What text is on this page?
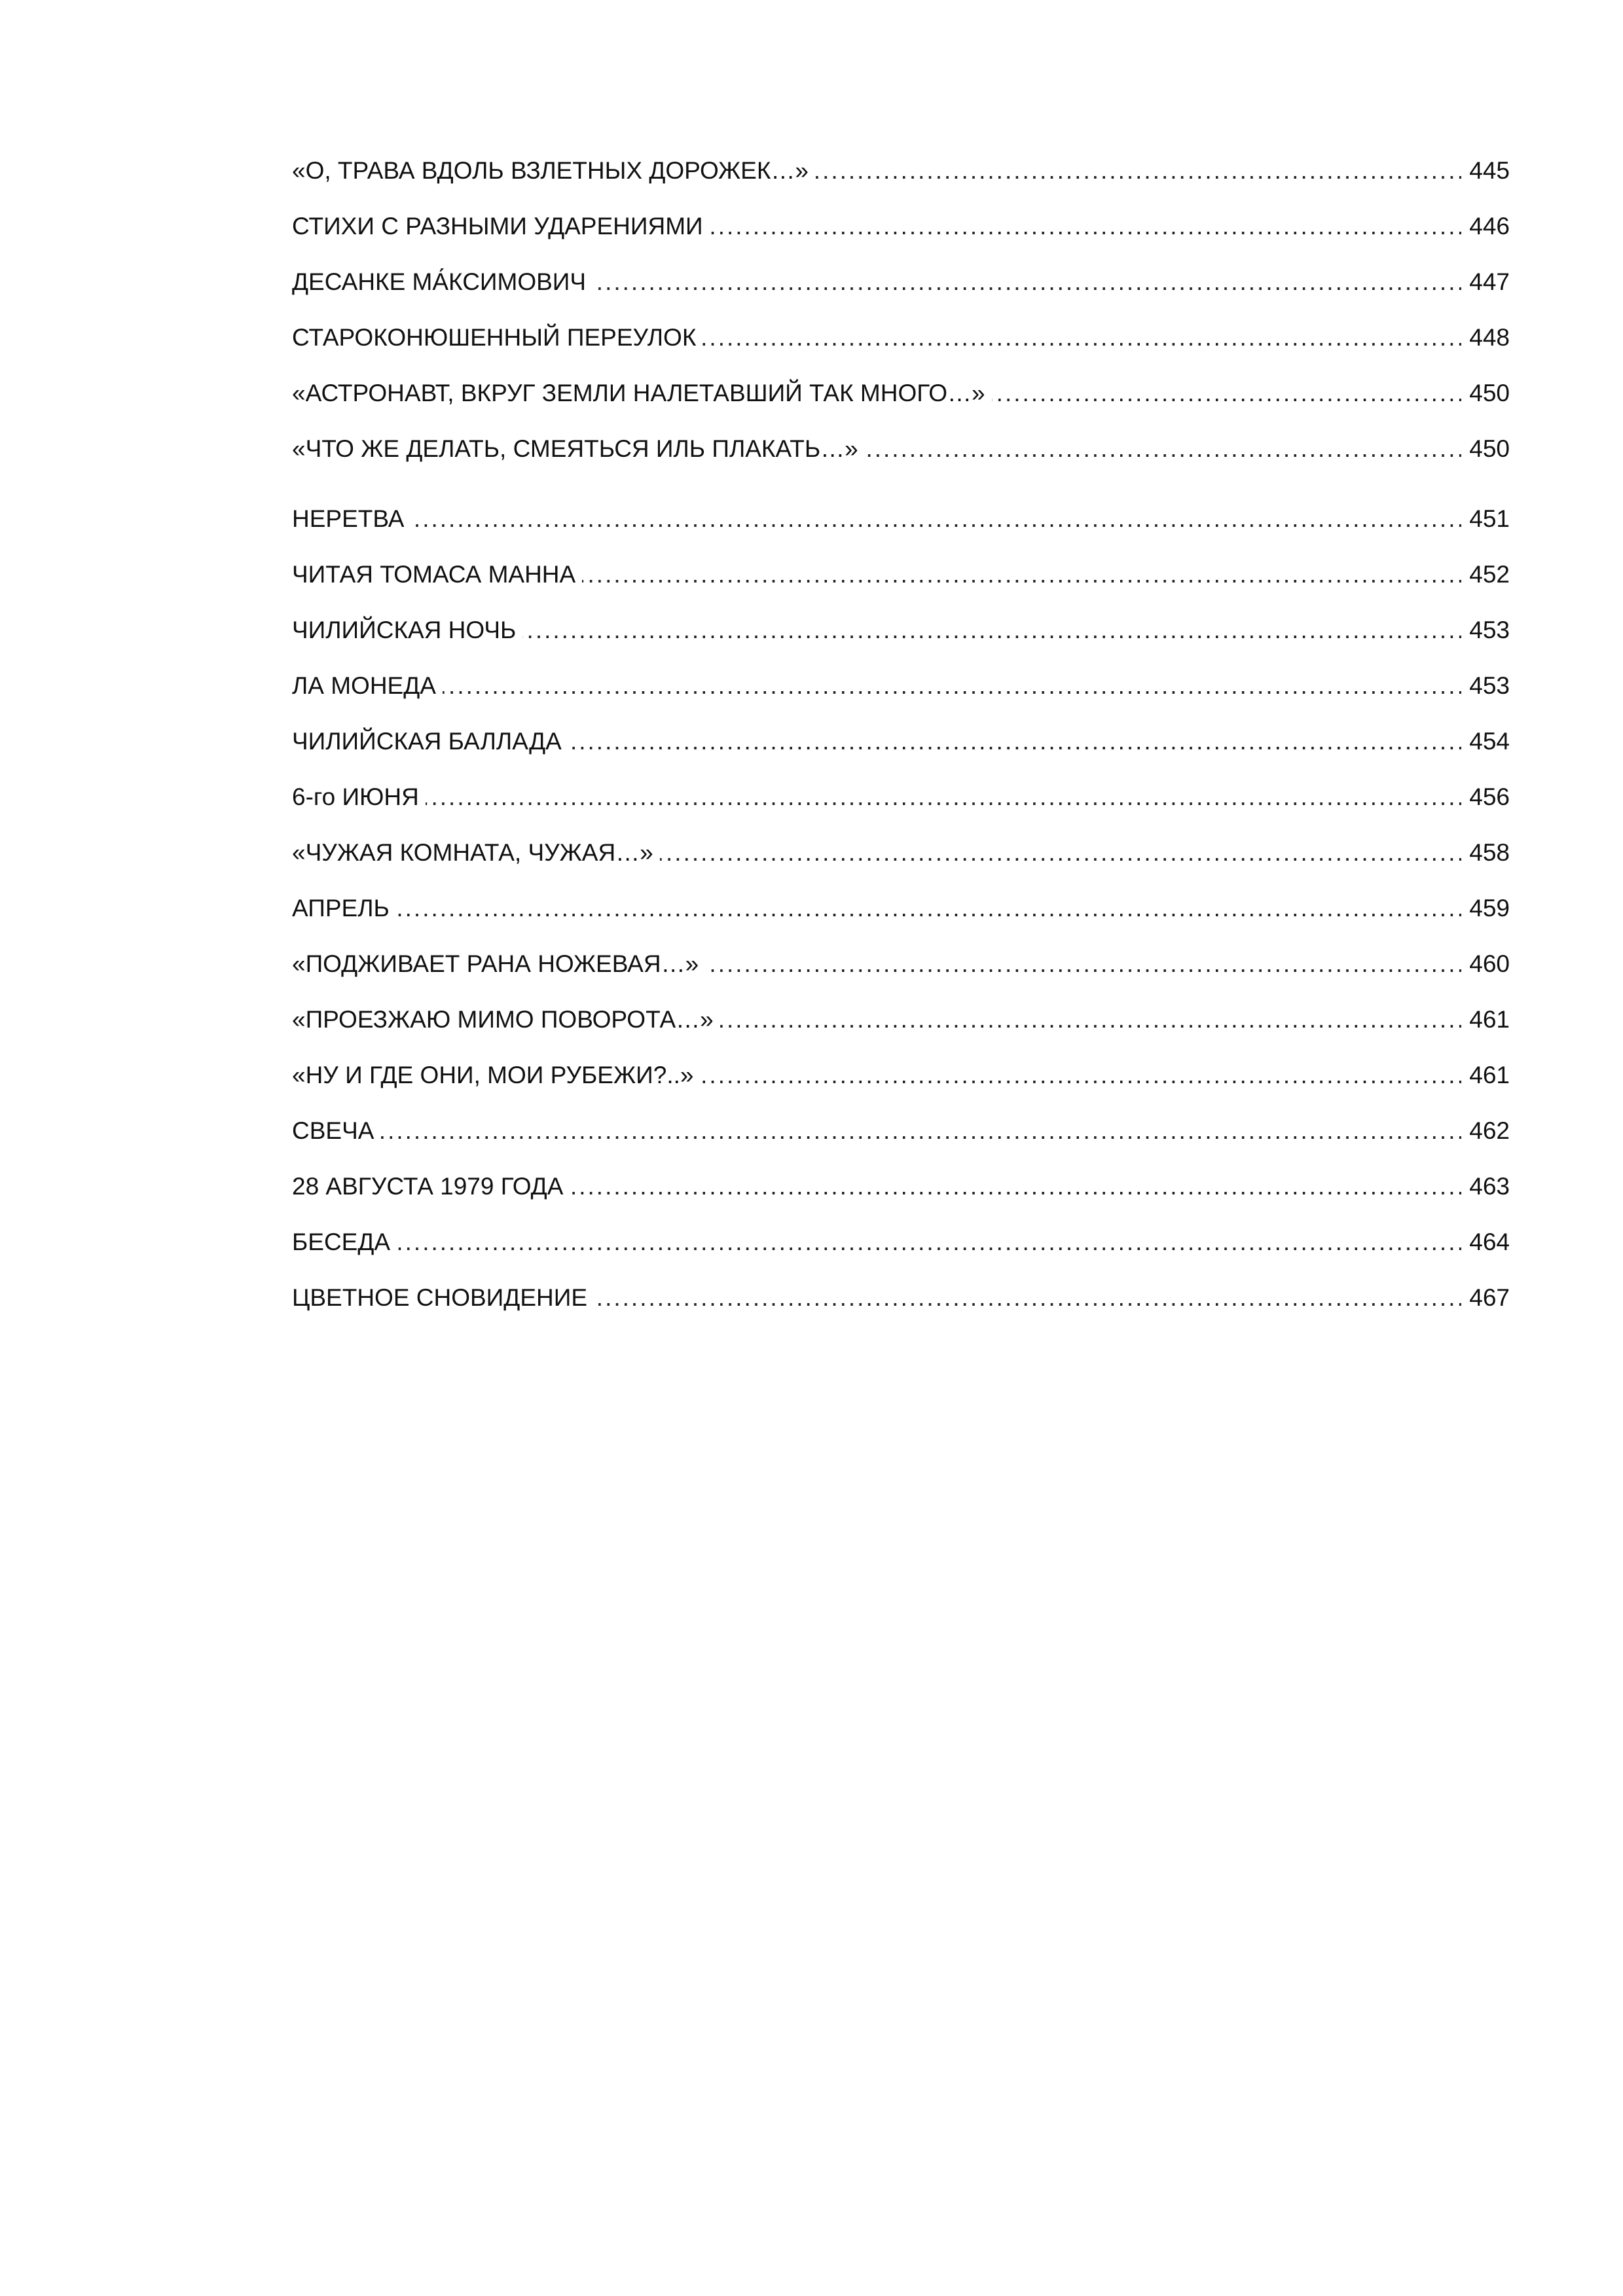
.....
«О, ТРАВА ВДОЛЬ ВЗЛЕТНЫХ ДОРОЖЕК…»	445
.....
СТИХИ С РАЗНЫМИ УДАРЕНИЯМИ	446
.....
ДЕСАНКЕ МА́КСИМОВИЧ	447
.....
СТАРОКОНЮШЕННЫЙ ПЕРЕУЛОК	448
.....
«АСТРОНАВТ, ВКРУГ ЗЕМЛИ НАЛЕТАВШИЙ ТАК МНОГО…»	450
.....
«ЧТО ЖЕ ДЕЛАТЬ, СМЕЯТЬСЯ ИЛЬ ПЛАКАТЬ…»	450
.....
НЕРЕТВА	451
.....
ЧИТАЯ ТОМАСА МАННА	452
.....
ЧИЛИЙСКАЯ НОЧЬ	453
.....
ЛА МОНЕДА	453
.....
ЧИЛИЙСКАЯ БАЛЛАДА	454
.....
6-го ИЮНЯ	456
.....
«ЧУЖАЯ КОМНАТА, ЧУЖАЯ…»	458
.....
АПРЕЛЬ	459
.....
«ПОДЖИВАЕТ РАНА НОЖЕВАЯ…»	460
.....
«ПРОЕЗЖАЮ МИМО ПОВОРОТА…»	461
.....
«НУ И ГДЕ ОНИ, МОИ РУБЕЖИ?..»	461
.....
СВЕЧА	462
.....
28 АВГУСТА 1979 ГОДА	463
.....
БЕСЕДА	464
.....
ЦВЕТНОЕ СНОВИДЕНИЕ	467
